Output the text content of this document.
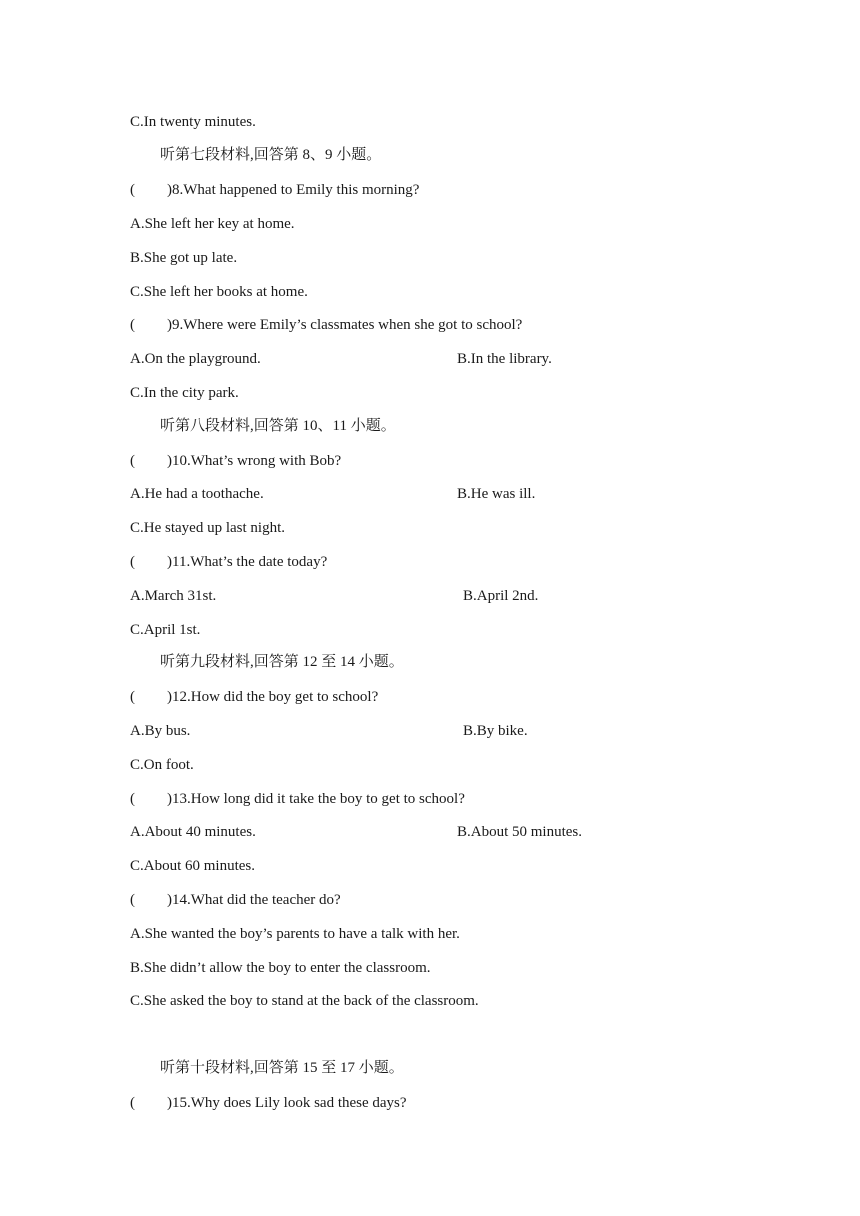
C.In twenty minutes.
听第七段材料,回答第 8、9 小题。
( )8.What happened to Emily this morning?
A.She left her key at home.
B.She got up late.
C.She left her books at home.
( )9.Where were Emily’s classmates when she got to school?
A.On the playground.	B.In the library.
C.In the city park.
听第八段材料,回答第 10、11 小题。
( )10.What’s wrong with Bob?
A.He had a toothache.	B.He was ill.
C.He stayed up last night.
( )11.What’s the date today?
A.March 31st.	B.April 2nd.
C.April 1st.
听第九段材料,回答第 12 至 14 小题。
( )12.How did the boy get to school?
A.By bus.	B.By bike.
C.On foot.
( )13.How long did it take the boy to get to school?
A.About 40 minutes.	B.About 50 minutes.
C.About 60 minutes.
( )14.What did the teacher do?
A.She wanted the boy’s parents to have a talk with her.
B.She didn’t allow the boy to enter the classroom.
C.She asked the boy to stand at the back of the classroom.
听第十段材料,回答第 15 至 17 小题。
( )15.Why does Lily look sad these days?
